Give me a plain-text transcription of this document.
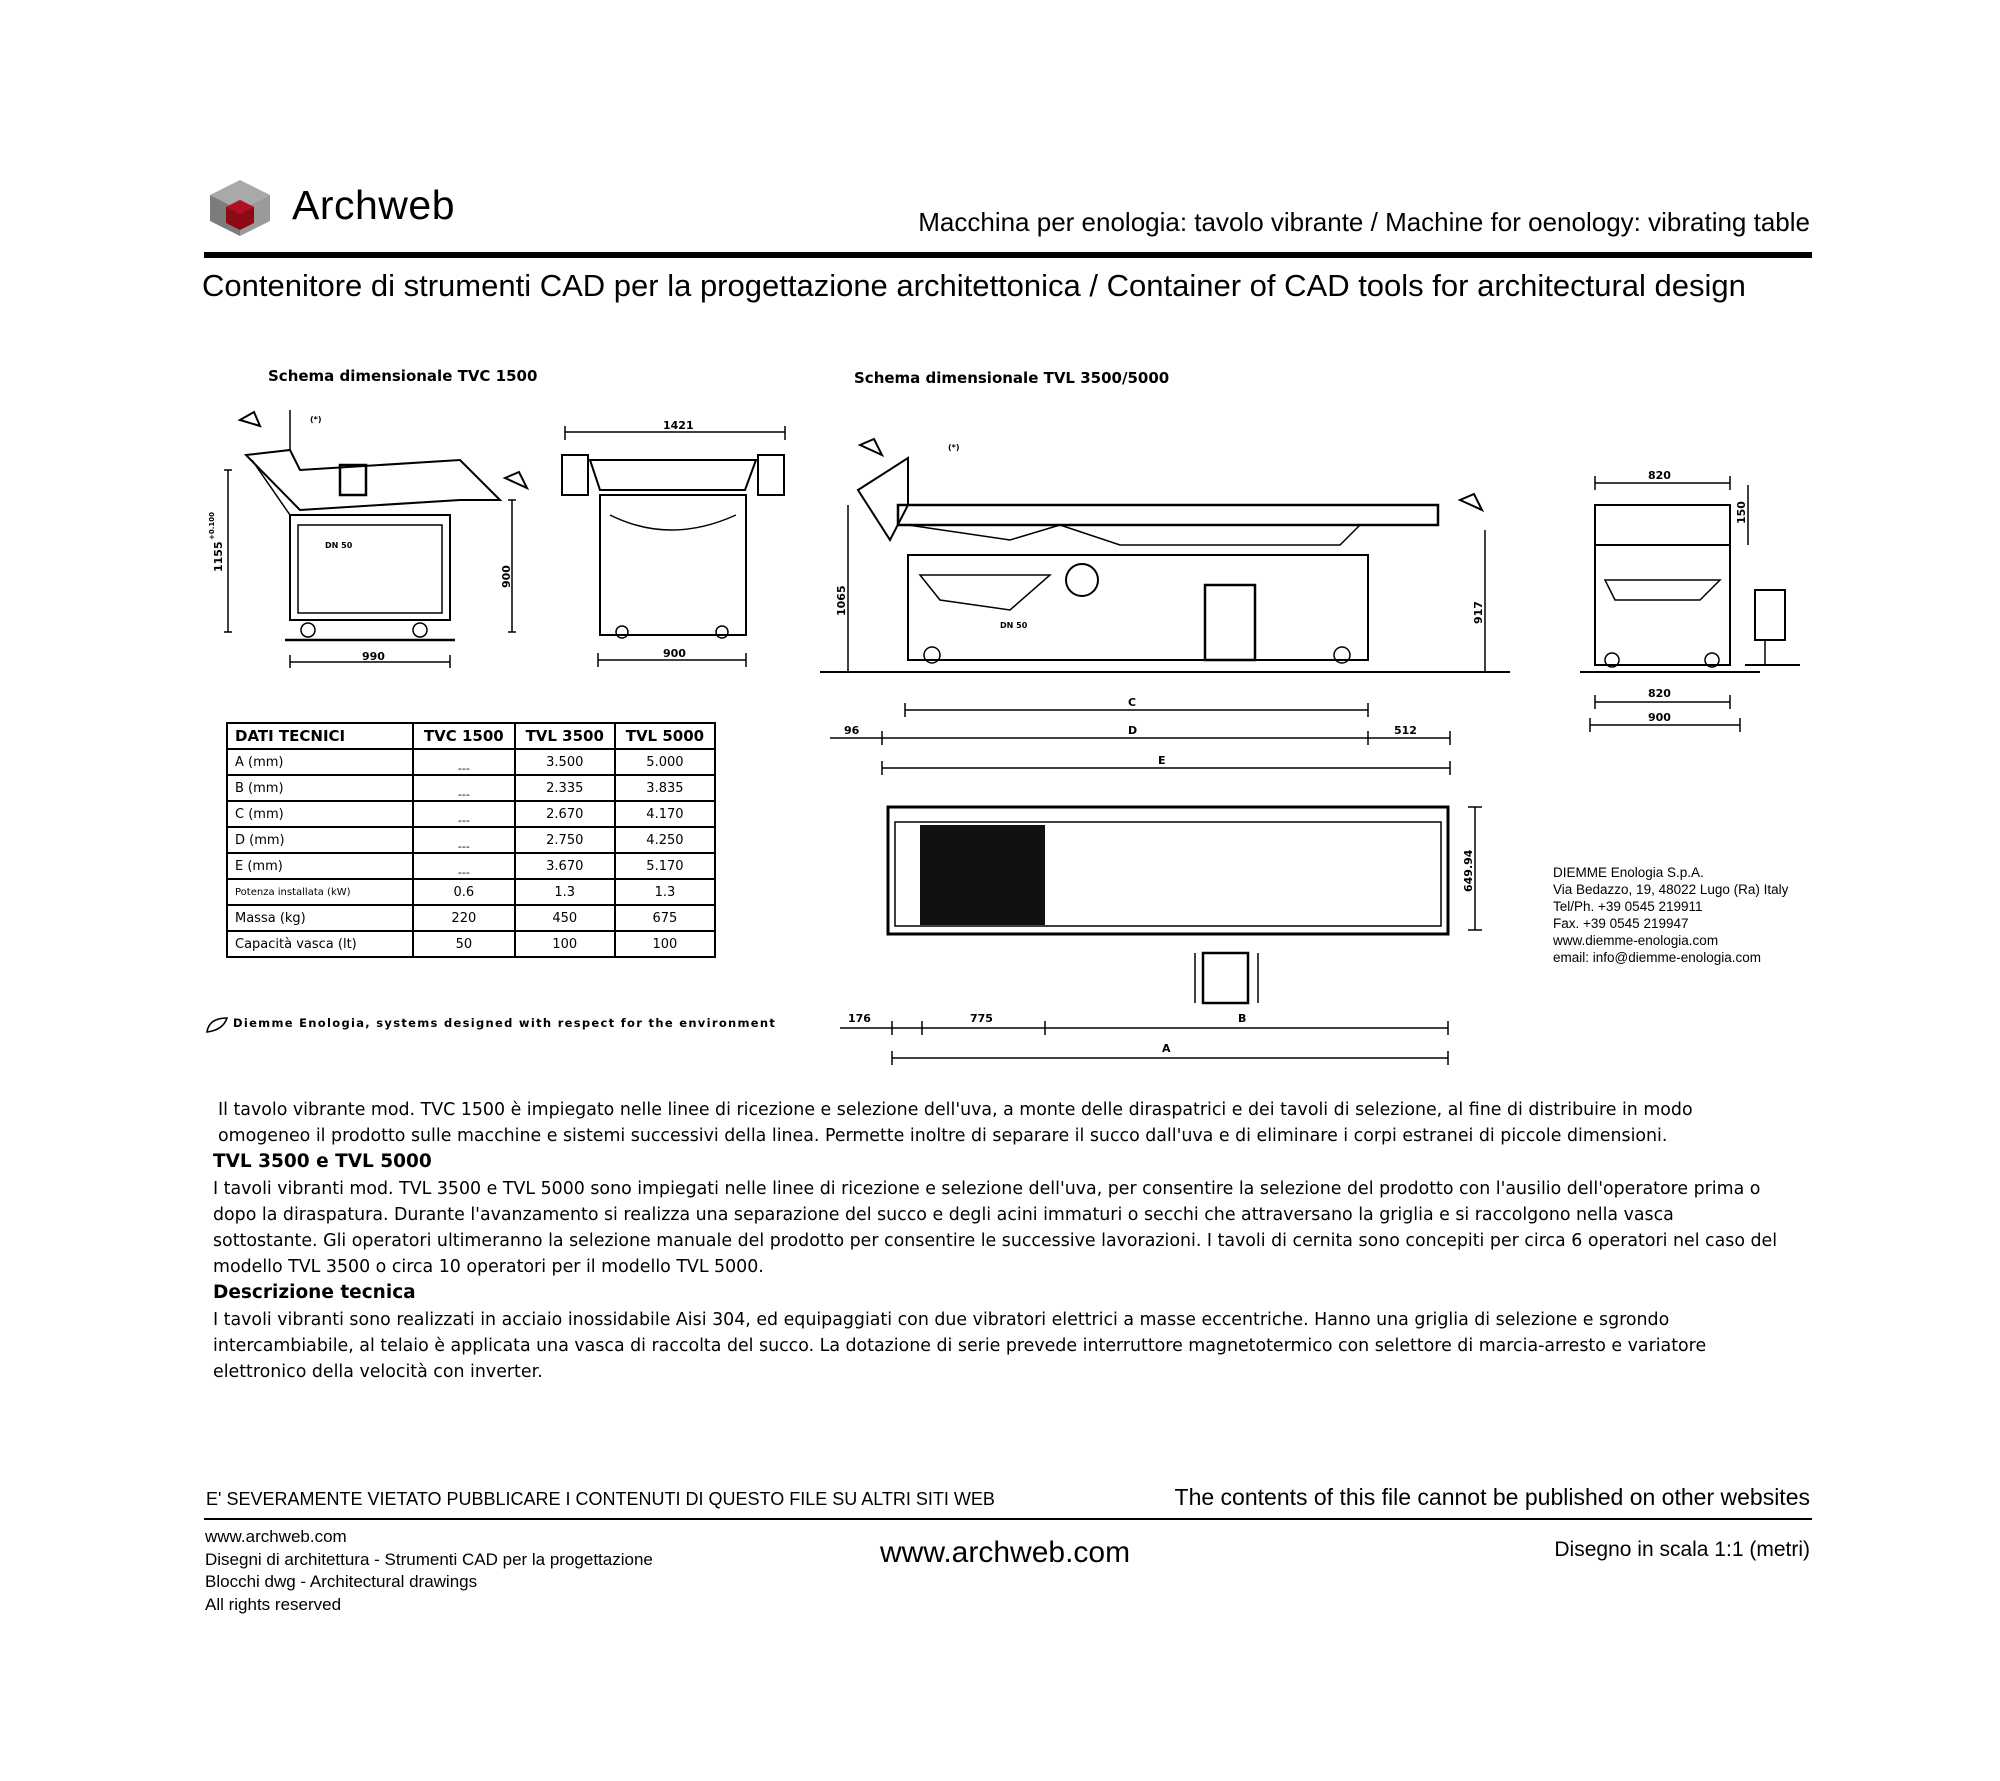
Archweb	Macchina per enologia: tavolo vibrante / Machine for oenology: vibrating table
Contenitore di strumenti CAD per la progettazione architettonica / Container of CAD tools for architectural design
Schema dimensionale TVC 1500	Schema dimensionale TVL 3500/5000
1155
+0.100
900
990
DN 50
(*)	1421
900
1065	917
DN 50
(*)
C
D
E
96	512
820
150
820
900
649.94
176	775	B
A
DATI TECNICI	TVC 1500	TVL 3500	TVL 5000
A (mm)	---	3.500	5.000
B (mm)	---	2.335	3.835
C (mm)	---	2.670	4.170
D (mm)	---	2.750	4.250
E (mm)	---	3.670	5.170
Potenza installata (kW)	0.6	1.3	1.3
Massa (kg)	220	450	675
Capacità vasca (lt)	50	100	100
Diemme Enologia, systems designed with respect for the environment
DIEMME Enologia S.p.A.
Via Bedazzo, 19, 48022 Lugo (Ra) Italy
Tel/Ph. +39 0545 219911
Fax. +39 0545 219947
www.diemme-enologia.com
email: info@diemme-enologia.com

Il tavolo vibrante mod. TVC 1500 è impiegato nelle linee di ricezione e selezione dell'uva, a monte delle diraspatrici e dei tavoli di selezione, al fine di distribuire in modo omogeneo il prodotto sulle macchine e sistemi successivi della linea. Permette inoltre di separare il succo dall'uva e di eliminare i corpi estranei di piccole dimensioni.

TVL 3500 e TVL 5000

I tavoli vibranti mod. TVL 3500 e TVL 5000 sono impiegati nelle linee di ricezione e selezione dell'uva, per consentire la selezione del prodotto con l'ausilio dell'operatore prima o dopo la diraspatura. Durante l'avanzamento si realizza una separazione del succo e degli acini immaturi o secchi che attraversano la griglia e si raccolgono nella vasca sottostante. Gli operatori ultimeranno la selezione manuale del prodotto per consentire le successive lavorazioni. I tavoli di cernita sono concepiti per circa 6 operatori nel caso del modello TVL 3500 o circa 10 operatori per il modello TVL 5000.

Descrizione tecnica

I tavoli vibranti sono realizzati in acciaio inossidabile Aisi 304, ed equipaggiati con due vibratori elettrici a masse eccentriche. Hanno una griglia di selezione e sgrondo intercambiabile, al telaio è applicata una vasca di raccolta del succo. La dotazione di serie prevede interruttore magnetotermico con selettore di marcia-arresto e variatore elettronico della velocità con inverter.

E' SEVERAMENTE VIETATO PUBBLICARE I CONTENUTI DI QUESTO FILE SU ALTRI SITI WEB	The contents of this file cannot be published on other websites
www.archweb.com
Disegni di architettura - Strumenti CAD per la progettazione
Blocchi dwg - Architectural drawings
All rights reserved
www.archweb.com	Disegno in scala 1:1 (metri)
